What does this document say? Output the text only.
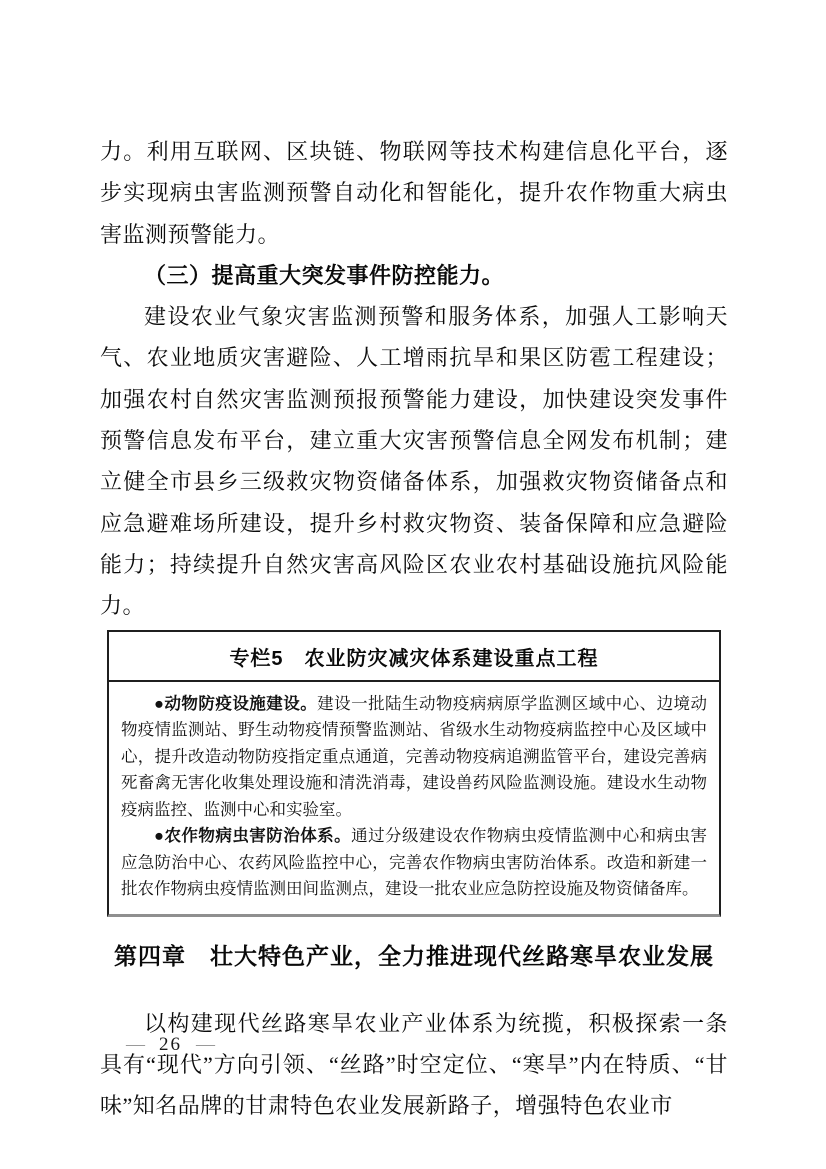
力。利用互联网、区块链、物联网等技术构建信息化平台，逐步实现病虫害监测预警自动化和智能化，提升农作物重大病虫害监测预警能力。

（三）提高重大突发事件防控能力。

建设农业气象灾害监测预警和服务体系，加强人工影响天气、农业地质灾害避险、人工增雨抗旱和果区防雹工程建设；加强农村自然灾害监测预报预警能力建设，加快建设突发事件预警信息发布平台，建立重大灾害预警信息全网发布机制；建立健全市县乡三级救灾物资储备体系，加强救灾物资储备点和应急避难场所建设，提升乡村救灾物资、装备保障和应急避险能力；持续提升自然灾害高风险区农业农村基础设施抗风险能力。

专栏5　农业防灾减灾体系建设重点工程

●动物防疫设施建设。建设一批陆生动物疫病病原学监测区域中心、边境动物疫情监测站、野生动物疫情预警监测站、省级水生动物疫病监控中心及区域中心，提升改造动物防疫指定重点通道，完善动物疫病追溯监管平台，建设完善病死畜禽无害化收集处理设施和清洗消毒，建设兽药风险监测设施。建设水生动物疫病监控、监测中心和实验室。

●农作物病虫害防治体系。通过分级建设农作物病虫疫情监测中心和病虫害应急防治中心、农药风险监控中心，完善农作物病虫害防治体系。改造和新建一批农作物病虫疫情监测田间监测点，建设一批农业应急防控设施及物资储备库。

第四章　壮大特色产业，全力推进现代丝路寒旱农业发展

以构建现代丝路寒旱农业产业体系为统揽，积极探索一条具有“现代”方向引领、“丝路”时空定位、“寒旱”内在特质、“甘味”知名品牌的甘肃特色农业发展新路子，增强特色农业市

— 26 —
